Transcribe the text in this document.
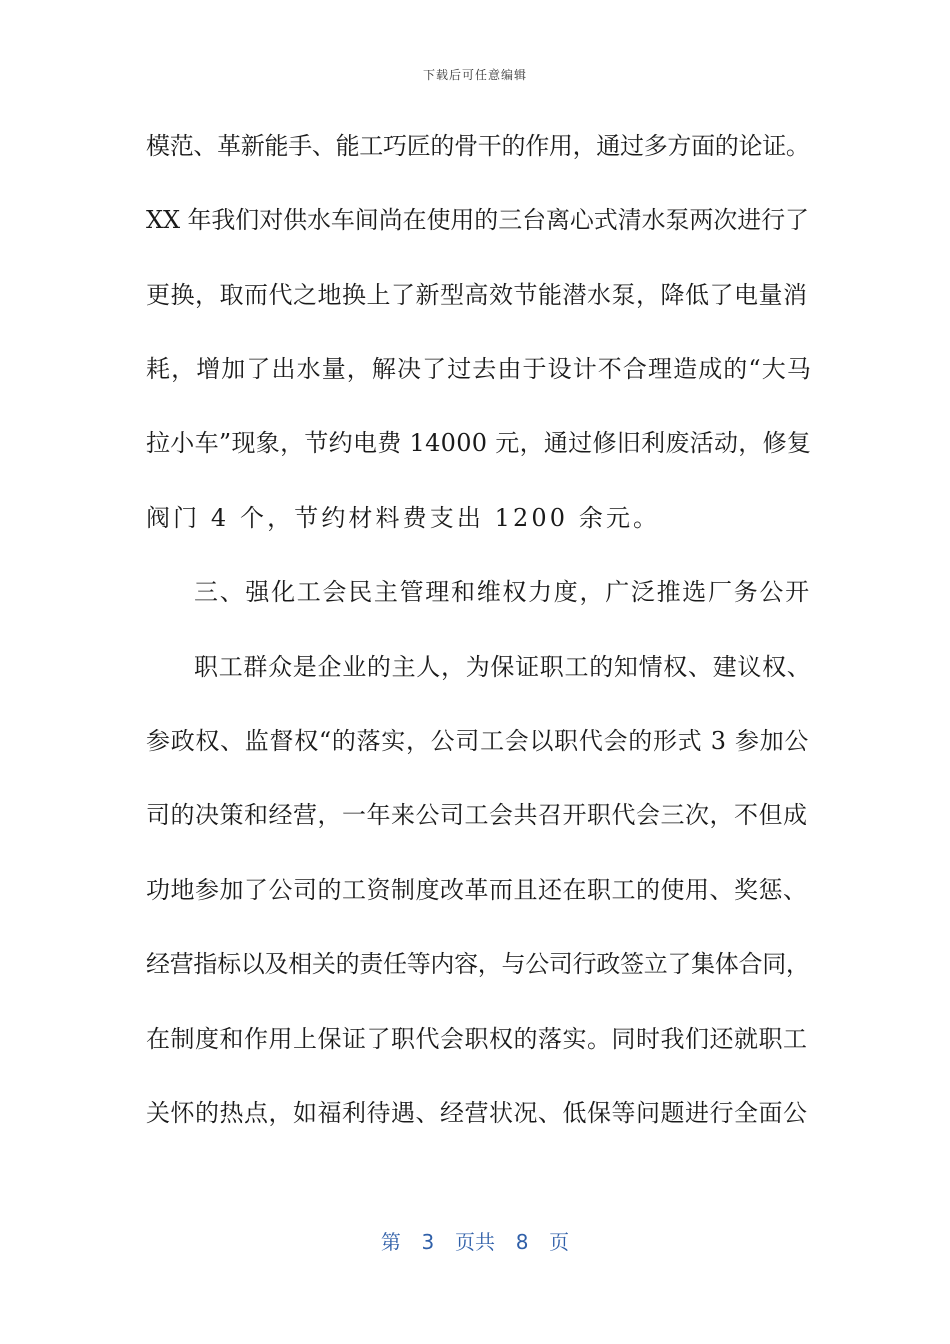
下载后可任意编辑
模范、革新能手、能工巧匠的骨干的作用，通过多方面的论证。
XX 年我们对供水车间尚在使用的三台离心式清水泵两次进行了
更换，取而代之地换上了新型高效节能潜水泵，降低了电量消
耗，增加了出水量，解决了过去由于设计不合理造成的“大马
拉小车”现象，节约电费 14000 元，通过修旧利废活动，修复
阀门 4 个，节约材料费支出 1200 余元。
三、强化工会民主管理和维权力度，广泛推选厂务公开
职工群众是企业的主人，为保证职工的知情权、建议权、
参政权、监督权“的落实，公司工会以职代会的形式 3 参加公
司的决策和经营，一年来公司工会共召开职代会三次，不但成
功地参加了公司的工资制度改革而且还在职工的使用、奖惩、
经营指标以及相关的责任等内容，与公司行政签立了集体合同，
在制度和作用上保证了职代会职权的落实。同时我们还就职工
关怀的热点，如福利待遇、经营状况、低保等问题进行全面公
第  3  页共  8  页
